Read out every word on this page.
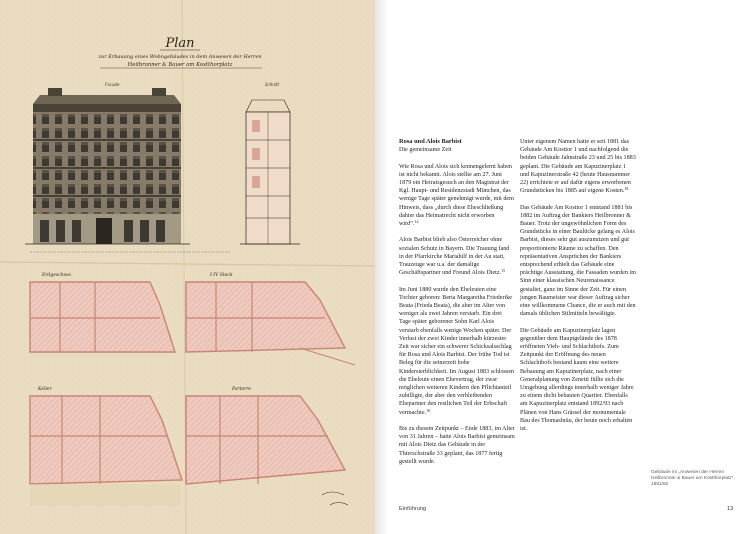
Plan
zur Erbauung eines Wohngebäudes in dem Anwesen der Herren
Heilbronner & Bauer am Kostthorplatz
Facade	Schnitt
Erdgeschoss	I-IV Stock
Keller	Parterre
Rosa und Alois Barbist
Die gemeinsame Zeit

Wie Rosa und Alois sich kennengelernt haben ist nicht bekannt. Alois stellte am 27. Juni 1879 ein Heiratsgesuch an den Magistrat der Kgl. Haupt- und Residenzstadt München, das wenige Tage später genehmigt wurde, mit dem Hinweis, dass „durch diese Eheschließung dahier das Heimatrecht nicht erworben wird“.$^{14}$

Alois Barbist blieb also Österreicher ohne sozialen Schutz in Bayern. Die Trauung fand in der Pfarrkirche Mariahilf in der Au statt, Trauzeuge war u.a. der damalige Geschäftspartner und Freund Alois Dietz.$^{15}$

Im Juni 1880 wurde den Eheleuten eine Tochter geboren: Berta Margaretha Friederike Beata (Frieda Beata), die aber im Alter von weniger als zwei Jahren verstarb. Ein drei Tage später geborener Sohn Karl Alois verstarb ebenfalls wenige Wochen später. Der Verlust der zwei Kinder innerhalb kürzester Zeit war sicher ein schwerer Schicksalsschlag für Rosa und Alois Barbist. Der frühe Tod ist Beleg für die seinerzeit hohe Kindersterblichkeit. Im August 1883 schlossen die Eheleute einen Ehevertrag, der zwar möglichen weiteren Kindern den Pflichtanteil zubilligte, der aber den verbleibenden Ehepartner den restlichen Teil der Erbschaft vermachte.$^{16}$

Bis zu diesem Zeitpunkt – Ende 1883, im Alter von 31 Jahren – hatte Alois Barbist gemeinsam mit Alois Dietz das Gebäude in der Thierschstraße 33 geplant, das 1877 fertig gestellt wurde.

Unter eigenem Namen hatte er seit 1881 das Gebäude Am Kosttor 1 und nachfolgend die beiden Gebäude Jahnstraße 23 und 25 bis 1883 geplant. Die Gebäude am Kapuzinerplatz 1 und Kapuzinerstraße 42 (heute Hausnummer 22) errichtete er auf dafür eigens erworbenen Grundstücken bis 1885 auf eigene Kosten.$^{18}$

Das Gebäude Am Kosttor 1 entstand 1881 bis 1882 im Auftrag der Bankiers Heilbronner & Bauer. Trotz der ungewöhnlichen Form des Grundstücks in einer Baulücke gelang es Alois Barbist, dieses sehr gut auszunutzen und gut proportionierte Räume zu schaffen. Den repräsentativen Ansprüchen der Bankiers entsprechend erhielt das Gebäude eine prächtige Ausstattung, die Fassaden wurden im Sinn einer klassischen Neurenaissance gestaltet, ganz im Sinne der Zeit. Für einen jungen Baumeister war dieser Auftrag sicher eine willkommene Chance, die er auch mit den damals üblichen Stilmitteln bewältigte.

Die Gebäude am Kapuzinerplatz lagen gegenüber dem Hauptgelände des 1878 eröffneten Vieh- und Schlachthofs. Zum Zeitpunkt der Eröffnung des neuen Schlachthofs bestand kaum eine weitere Bebauung am Kapuzinerplatz, nach einer Generalplanung von Zenetti füllte sich die Umgebung allerdings innerhalb weniger Jahre zu einem dicht bebauten Quartier. Ebenfalls am Kapuzinerplatz entstand 1892/93 nach Plänen von Hans Grässel der monumentale Bau des Thomasbräu, der heute noch erhalten ist.

Gebäude im „Anwesen der Herren Heilbronner & Bauer am Kostthorplatz“, 1881/82
Einführung	13
